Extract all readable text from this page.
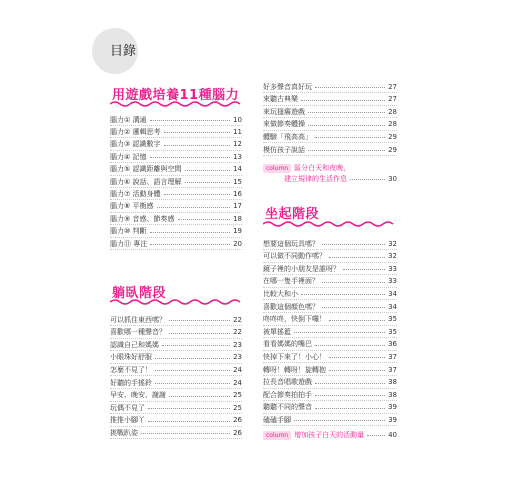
目錄
用遊戲培養11種腦力
腦力① 溝通	10
腦力② 邏輯思考	11
腦力③ 認識數字	12
腦力④ 記憶	13
腦力⑤ 認識距離與空間	14
腦力⑥ 說話、語言理解	15
腦力⑦ 活動身體	16
腦力⑧ 平衡感	17
腦力⑨ 音感、節奏感	18
腦力⑩ 判斷	19
腦力⑪ 專注	20
躺臥階段
可以抓住東西嗎？	22
喜歡哪一種聲音？	22
認識自己和媽媽	23
小眼珠好舒服	23
怎麼不見了！	24
好聽的手搖鈴	24
早安、晚安、謝謝	25
玩偶不見了	25
推推小腳丫	26
挑戰趴姿	26
好多聲音真好玩	27
來聽古典樂	27
來玩搔癢遊戲	28
來做節奏體操	28
體驗「飛高高」	29
模仿孩子說話	29
column 區分白天和夜晚，
建立規律的生活作息	30
坐起階段
想要這個玩具嗎？	32
可以做不同動作嗎？	32
鏡子裡的小朋友是誰呀？	33
在哪一隻手裡面？	33
比較大和小	34
喜歡這個顏色嗎？	34
咚咚咚，快倒下囉！	35
被單搖籃	35
看看媽媽的嘴巴	36
快掉下來了！小心！	37
轉呀！轉呀！旋轉抱	37
拉長音唱歌遊戲	38
配合節奏拍拍手	38
聽聽不同的聲音	39
磕磕手腳	39
column 增加孩子白天的活動量	40
